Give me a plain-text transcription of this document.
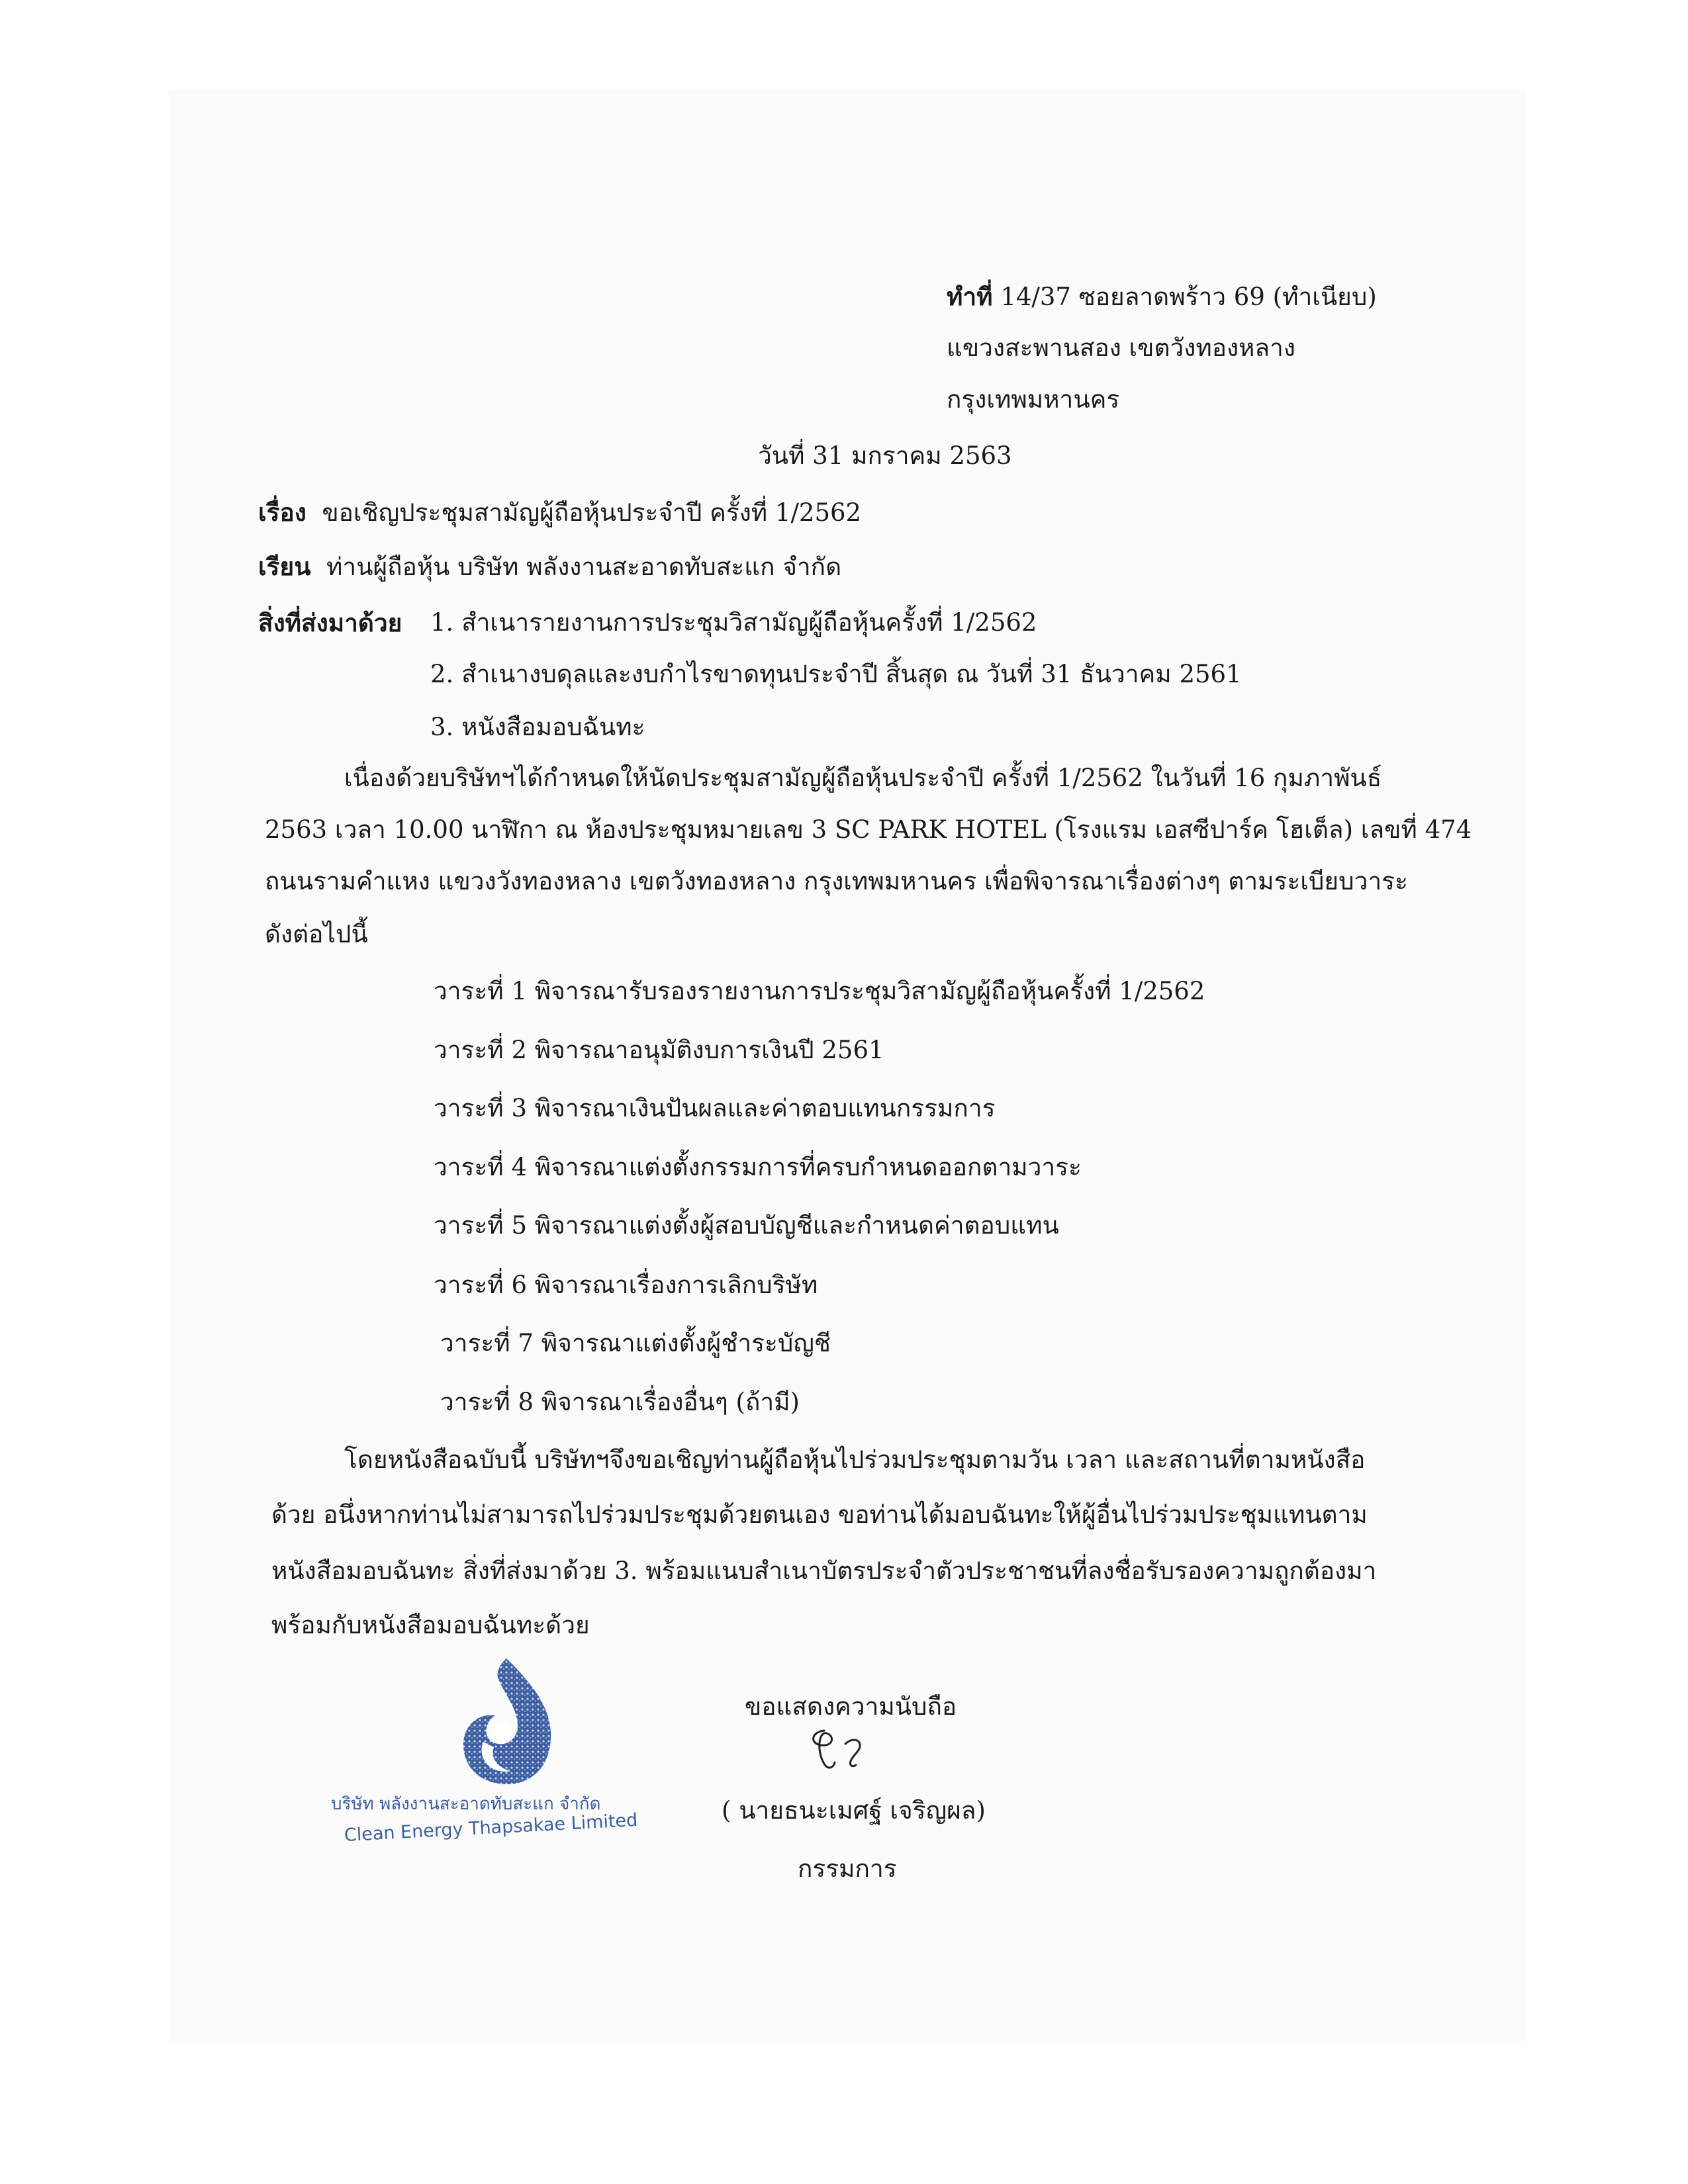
ทำที่ 14/37 ซอยลาดพร้าว 69 (ทำเนียบ)
แขวงสะพานสอง เขตวังทองหลาง
กรุงเทพมหานคร
วันที่ 31 มกราคม 2563
เรื่อง ขอเชิญประชุมสามัญผู้ถือหุ้นประจำปี ครั้งที่ 1/2562
เรียน ท่านผู้ถือหุ้น บริษัท พลังงานสะอาดทับสะแก จำกัด
สิ่งที่ส่งมาด้วย 1. สำเนารายงานการประชุมวิสามัญผู้ถือหุ้นครั้งที่ 1/2562
2. สำเนางบดุลและงบกำไรขาดทุนประจำปี สิ้นสุด ณ วันที่ 31 ธันวาคม 2561
3. หนังสือมอบฉันทะ
เนื่องด้วยบริษัทฯได้กำหนดให้นัดประชุมสามัญผู้ถือหุ้นประจำปี ครั้งที่ 1/2562 ในวันที่ 16 กุมภาพันธ์
2563 เวลา 10.00 นาฬิกา ณ ห้องประชุมหมายเลข 3 SC PARK HOTEL (โรงแรม เอสซีปาร์ค โฮเต็ล) เลขที่ 474
ถนนรามคำแหง แขวงวังทองหลาง เขตวังทองหลาง กรุงเทพมหานคร เพื่อพิจารณาเรื่องต่างๆ ตามระเบียบวาระ
ดังต่อไปนี้
วาระที่ 1 พิจารณารับรองรายงานการประชุมวิสามัญผู้ถือหุ้นครั้งที่ 1/2562
วาระที่ 2 พิจารณาอนุมัติงบการเงินปี 2561
วาระที่ 3 พิจารณาเงินปันผลและค่าตอบแทนกรรมการ
วาระที่ 4 พิจารณาแต่งตั้งกรรมการที่ครบกำหนดออกตามวาระ
วาระที่ 5 พิจารณาแต่งตั้งผู้สอบบัญชีและกำหนดค่าตอบแทน
วาระที่ 6 พิจารณาเรื่องการเลิกบริษัท
วาระที่ 7 พิจารณาแต่งตั้งผู้ชำระบัญชี
วาระที่ 8 พิจารณาเรื่องอื่นๆ (ถ้ามี)
โดยหนังสือฉบับนี้ บริษัทฯจึงขอเชิญท่านผู้ถือหุ้นไปร่วมประชุมตามวัน เวลา และสถานที่ตามหนังสือ
ด้วย อนึ่งหากท่านไม่สามารถไปร่วมประชุมด้วยตนเอง ขอท่านได้มอบฉันทะให้ผู้อื่นไปร่วมประชุมแทนตาม
หนังสือมอบฉันทะ สิ่งที่ส่งมาด้วย 3. พร้อมแนบสำเนาบัตรประจำตัวประชาชนที่ลงชื่อรับรองความถูกต้องมา
พร้อมกับหนังสือมอบฉันทะด้วย
บริษัท พลังงานสะอาดทับสะแก จำกัด
Clean Energy Thapsakae Limited
ขอแสดงความนับถือ
( นายธนะเมศฐ์ เจริญผล)
กรรมการ
